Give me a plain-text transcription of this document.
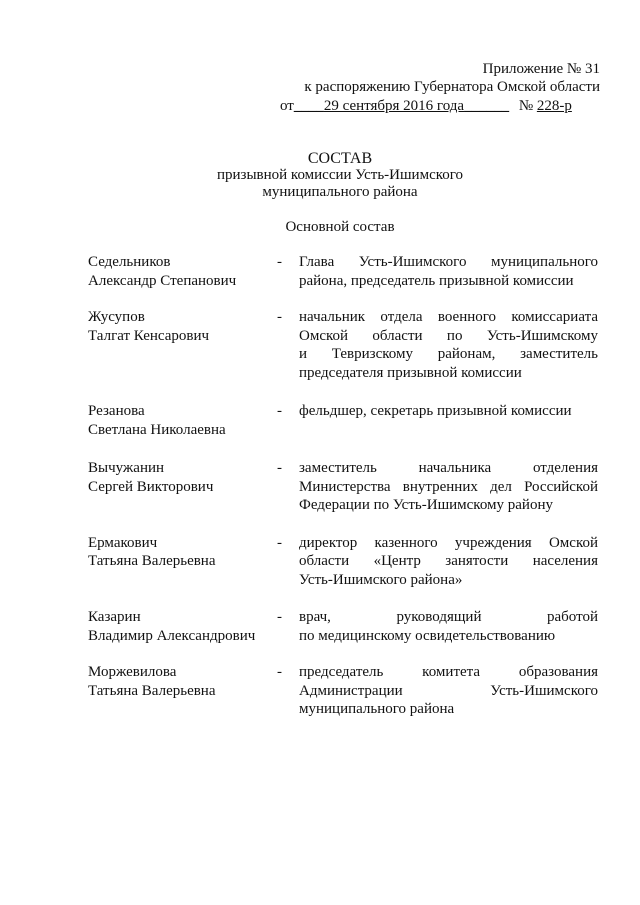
Приложение № 31
к распоряжению Губернатора Омской области
от____29 сентября 2016 года______ № 228-р
СОСТАВ
призывной комиссии Усть-Ишимского
муниципального района
Основной состав
Седельников
Александр Степанович
-	Глава Усть-Ишимского муниципального
района, председатель призывной комиссии
Жусупов
Талгат Кенсарович
-	начальник отдела военного комиссариата
Омской области по Усть-Ишимскому
и Тевризскому районам, заместитель
председателя призывной комиссии
Резанова
Светлана Николаевна
-	фельдшер, секретарь призывной комиссии
Вычужанин
Сергей Викторович
-	заместитель начальника отделения
Министерства внутренних дел Российской
Федерации по Усть-Ишимскому району
Ермакович
Татьяна Валерьевна
-	директор казенного учреждения Омской
области «Центр занятости населения
Усть-Ишимского района»
Казарин
Владимир Александрович
-	врач, руководящий работой
по медицинскому освидетельствованию
Моржевилова
Татьяна Валерьевна
-	председатель комитета образования
Администрации Усть-Ишимского
муниципального района
